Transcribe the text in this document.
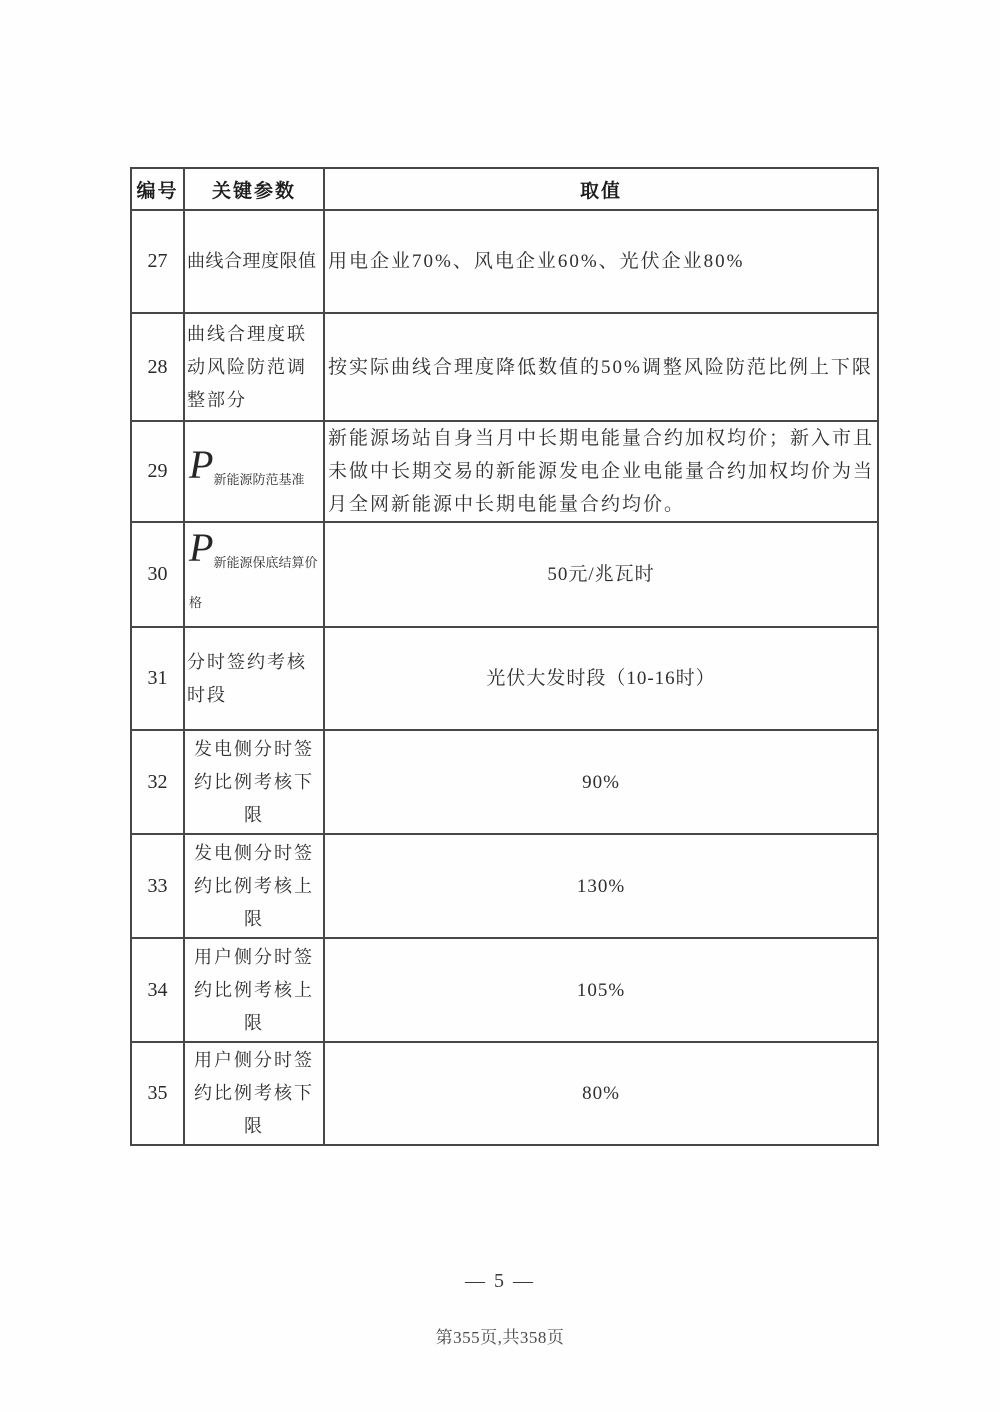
编号	关键参数	取值
27	曲线合理度限值	用电企业70%、风电企业60%、光伏企业80%
28	曲线合理度联动风险防范调整部分	按实际曲线合理度降低数值的50%调整风险防范比例上下限
29	$P_{新能源防范基准}$	新能源场站自身当月中长期电能量合约加权均价；新入市且未做中长期交易的新能源发电企业电能量合约加权均价为当月全网新能源中长期电能量合约均价。
30	$P_{新能源保底结算价格}$	50元/兆瓦时
31	分时签约考核时段	光伏大发时段（10-16时）
32	发电侧分时签约比例考核下限	90%
33	发电侧分时签约比例考核上限	130%
34	用户侧分时签约比例考核上限	105%
35	用户侧分时签约比例考核下限	80%
— 5 —
第355页,共358页
